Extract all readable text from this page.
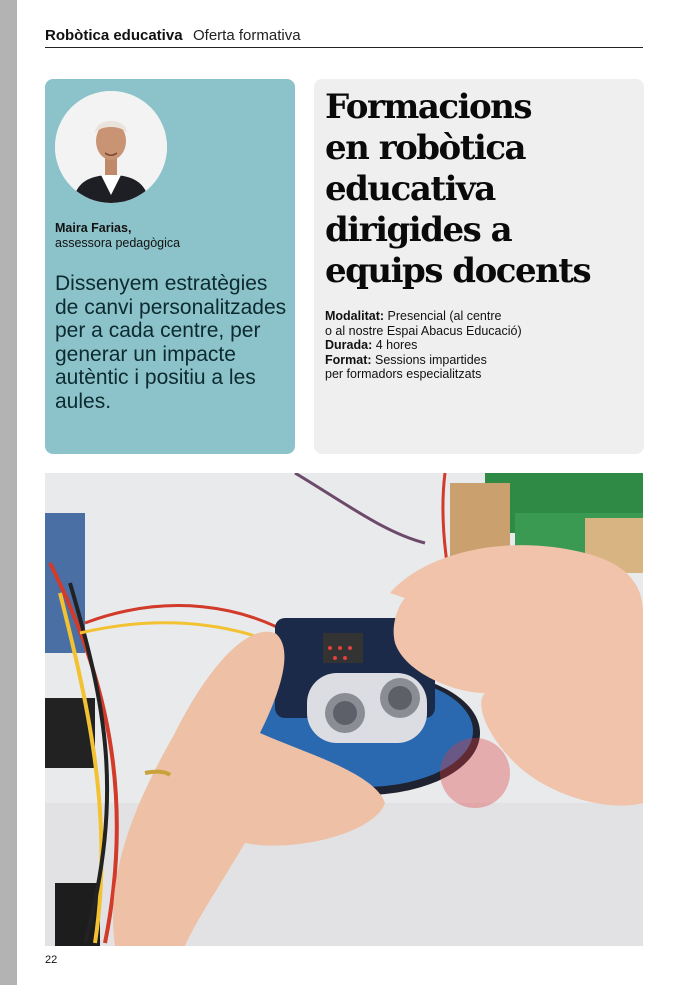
Robòtica educativa Oferta formativa
Maira Farias,
assessora pedagògica
Dissenyem estratègies de canvi personalitzades per a cada centre, per generar un impacte autèntic i positiu a les aules.
Formacions
en robòtica
educativa
dirigides a
equips docents

Modalitat: Presencial (al centre

o al nostre Espai Abacus Educació)

Durada: 4 hores

Format: Sessions impartides

per formadors especialitzats

22
